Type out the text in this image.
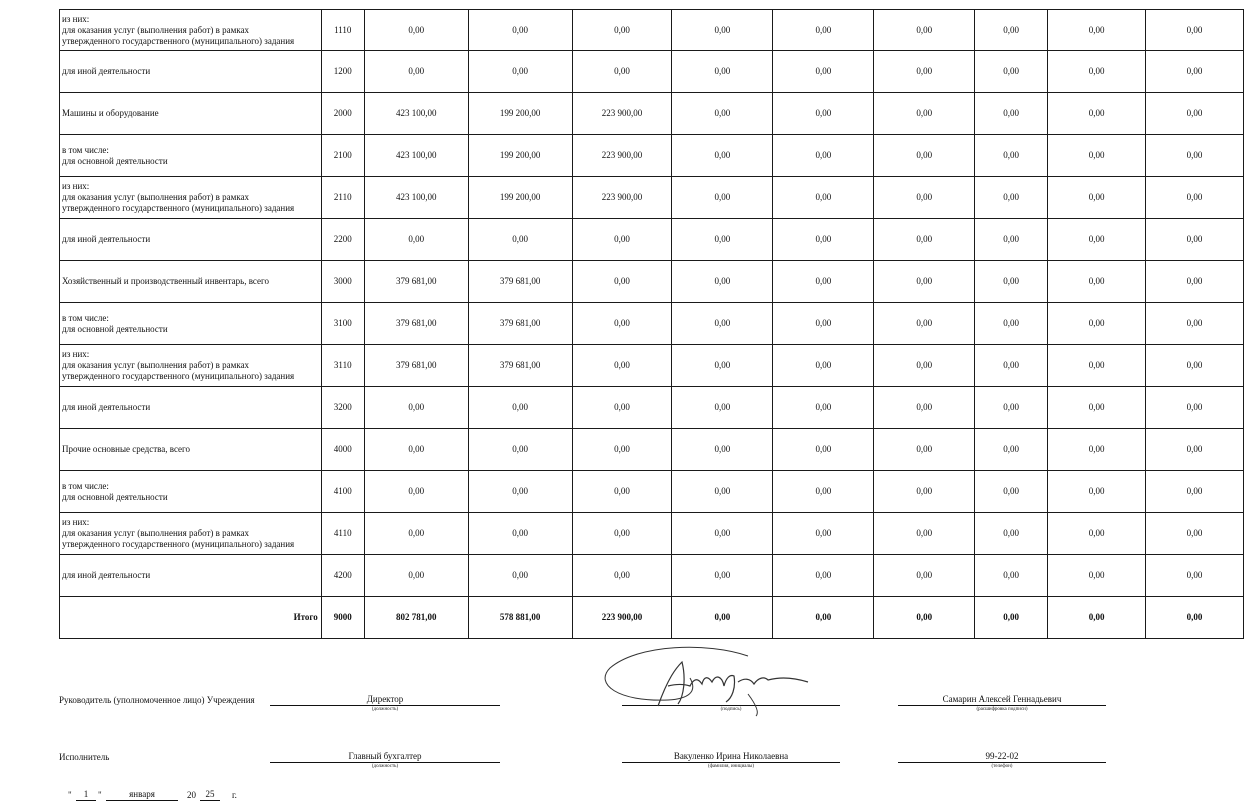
из них:
для оказания услуг (выполнения работ) в рамках
утвержденного государственного (муниципального) задания	1110	0,00	0,00	0,00	0,00	0,00	0,00	0,00	0,00	0,00

для иной деятельности	1200	0,00	0,00	0,00	0,00	0,00	0,00	0,00	0,00	0,00

Машины и оборудование	2000	423 100,00	199 200,00	223 900,00	0,00	0,00	0,00	0,00	0,00	0,00

в том числе:
для основной деятельности	2100	423 100,00	199 200,00	223 900,00	0,00	0,00	0,00	0,00	0,00	0,00

из них:
для оказания услуг (выполнения работ) в рамках
утвержденного государственного (муниципального) задания	2110	423 100,00	199 200,00	223 900,00	0,00	0,00	0,00	0,00	0,00	0,00

для иной деятельности	2200	0,00	0,00	0,00	0,00	0,00	0,00	0,00	0,00	0,00

Хозяйственный и производственный инвентарь, всего	3000	379 681,00	379 681,00	0,00	0,00	0,00	0,00	0,00	0,00	0,00

в том числе:
для основной деятельности	3100	379 681,00	379 681,00	0,00	0,00	0,00	0,00	0,00	0,00	0,00

из них:
для оказания услуг (выполнения работ) в рамках
утвержденного государственного (муниципального) задания	3110	379 681,00	379 681,00	0,00	0,00	0,00	0,00	0,00	0,00	0,00

для иной деятельности	3200	0,00	0,00	0,00	0,00	0,00	0,00	0,00	0,00	0,00

Прочие основные средства, всего	4000	0,00	0,00	0,00	0,00	0,00	0,00	0,00	0,00	0,00

в том числе:
для основной деятельности	4100	0,00	0,00	0,00	0,00	0,00	0,00	0,00	0,00	0,00

из них:
для оказания услуг (выполнения работ) в рамках
утвержденного государственного (муниципального) задания	4110	0,00	0,00	0,00	0,00	0,00	0,00	0,00	0,00	0,00

для иной деятельности	4200	0,00	0,00	0,00	0,00	0,00	0,00	0,00	0,00	0,00
Итого	9000	802 781,00	578 881,00	223 900,00	0,00	0,00	0,00	0,00	0,00	0,00
Руководитель (уполномоченное лицо) Учреждения	Директор
(должность)	(подпись)
Самарин Алексей Геннадьевич
(расшифровка подписи)
Исполнитель	Главный бухгалтер
(должность)
Вакуленко Ирина Николаевна
(фамилия, инициалы)
99-22-02
(телефон)
"	1	"	января	20	25	г.
